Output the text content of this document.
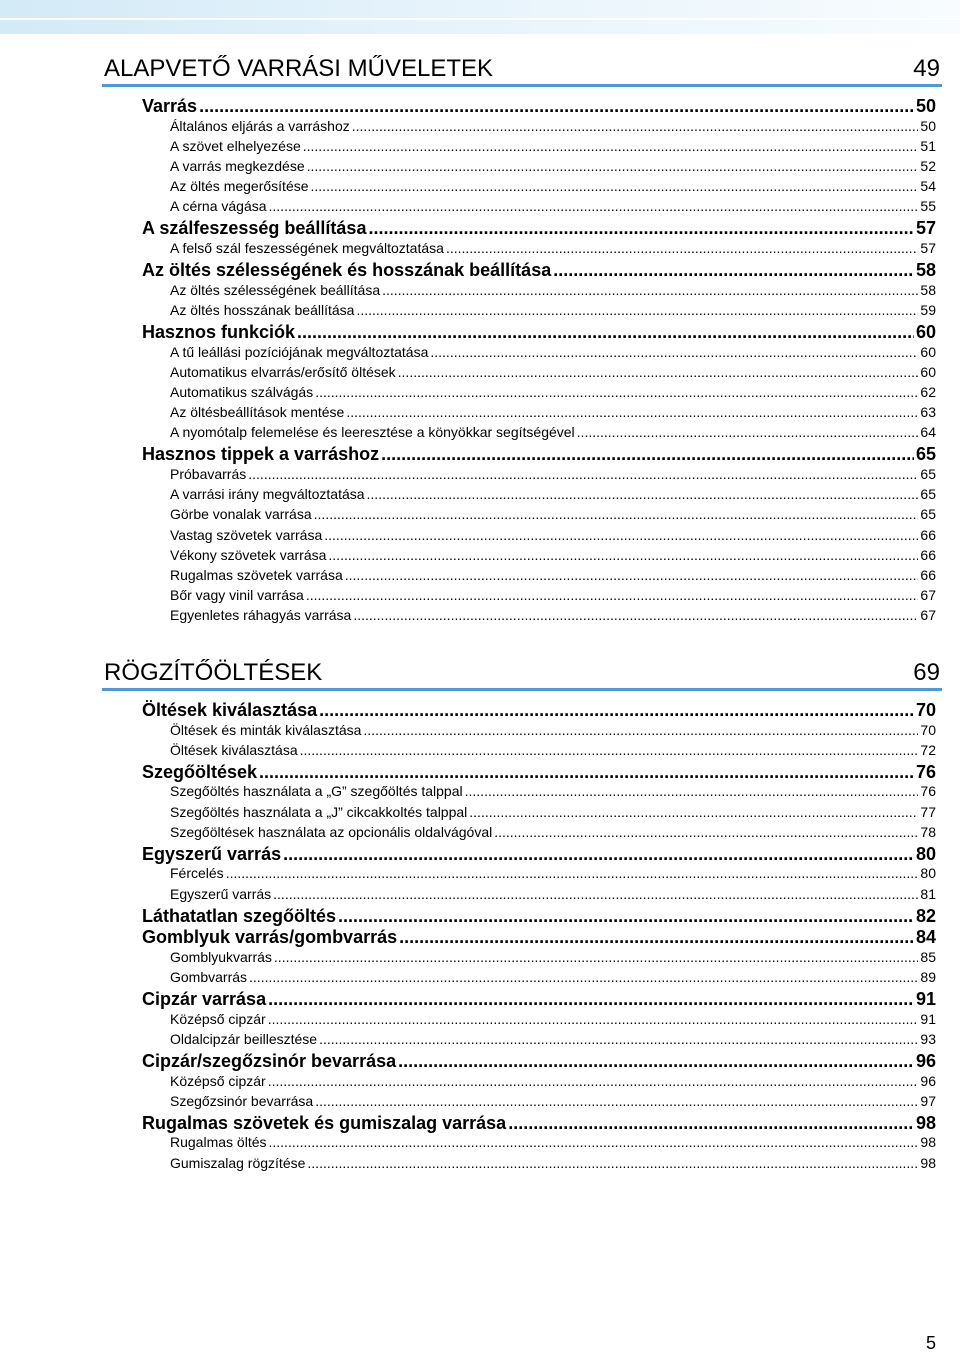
ALAPVETŐ VARRÁSI MŰVELETEK	49
Varrás .....	50
Általános eljárás a varráshoz .....	50
A szövet elhelyezése .....	51
A varrás megkezdése .....	52
Az öltés megerősítése .....	54
A cérna vágása .....	55
A szálfeszesség beállítása .....	57
A felső szál feszességének megváltoztatása .....	57
Az öltés szélességének és hosszának beállítása .....	58
Az öltés szélességének beállítása .....	58
Az öltés hosszának beállítása .....	59
Hasznos funkciók .....	60
A tű leállási pozíciójának megváltoztatása .....	60
Automatikus elvarrás/erősítő öltések .....	60
Automatikus szálvágás .....	62
Az öltésbeállítások mentése .....	63
A nyomótalp felemelése és leeresztése a könyökkar segítségével .....	64
Hasznos tippek a varráshoz .....	65
Próbavarrás .....	65
A varrási irány megváltoztatása .....	65
Görbe vonalak varrása .....	65
Vastag szövetek varrása .....	66
Vékony szövetek varrása .....	66
Rugalmas szövetek varrása .....	66
Bőr vagy vinil varrása .....	67
Egyenletes ráhagyás varrása .....	67
RÖGZÍTŐÖLTÉSEK	69
Öltések kiválasztása .....	70
Öltések és minták kiválasztása .....	70
Öltések kiválasztása .....	72
Szegőöltések .....	76
Szegőöltés használata a „G” szegőöltés talppal .....	76
Szegőöltés használata a „J” cikcakkoltés talppal .....	77
Szegőöltések használata az opcionális oldalvágóval .....	78
Egyszerű varrás .....	80
Fércelés .....	80
Egyszerű varrás .....	81
Láthatatlan szegőöltés .....	82
Gomblyuk varrás/gombvarrás .....	84
Gomblyukvarrás .....	85
Gombvarrás .....	89
Cipzár varrása .....	91
Középső cipzár .....	91
Oldalcipzár beillesztése .....	93
Cipzár/szegőzsinór bevarrása .....	96
Középső cipzár .....	96
Szegőzsinór bevarrása .....	97
Rugalmas szövetek és gumiszalag varrása .....	98
Rugalmas öltés .....	98
Gumiszalag rögzítése .....	98
5
